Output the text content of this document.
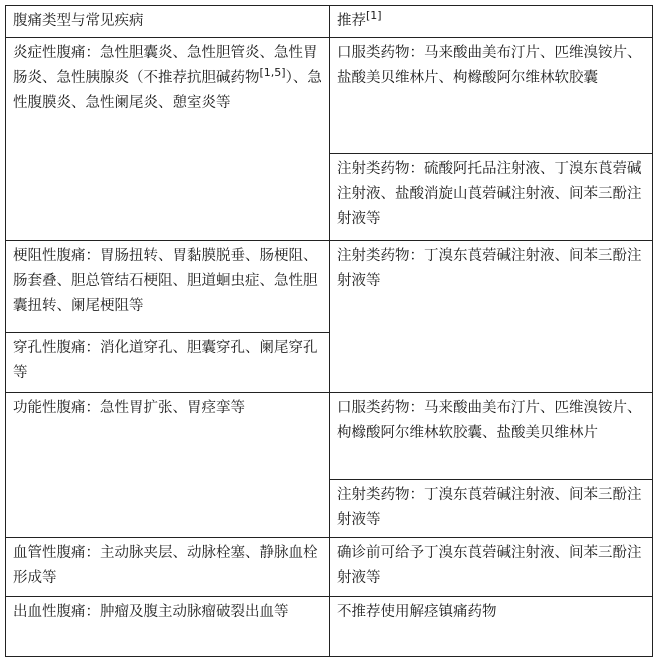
腹痛类型与常见疾病	推荐[1]
炎症性腹痛：急性胆囊炎、急性胆管炎、急性胃肠炎、急性胰腺炎（不推荐抗胆碱药物[1,5]）、急性腹膜炎、急性阑尾炎、憩室炎等	口服类药物：马来酸曲美布汀片、匹维溴铵片、盐酸美贝维林片、枸橼酸阿尔维林软胶囊
	注射类药物：硫酸阿托品注射液、丁溴东莨菪碱注射液、盐酸消旋山莨菪碱注射液、间苯三酚注射液等
梗阻性腹痛：胃肠扭转、胃黏膜脱垂、肠梗阻、肠套叠、胆总管结石梗阻、胆道蛔虫症、急性胆囊扭转、阑尾梗阻等	注射类药物：丁溴东莨菪碱注射液、间苯三酚注射液等
穿孔性腹痛：消化道穿孔、胆囊穿孔、阑尾穿孔等	
功能性腹痛：急性胃扩张、胃痉挛等	口服类药物：马来酸曲美布汀片、匹维溴铵片、枸橼酸阿尔维林软胶囊、盐酸美贝维林片
	注射类药物：丁溴东莨菪碱注射液、间苯三酚注射液等
血管性腹痛：主动脉夹层、动脉栓塞、静脉血栓形成等	确诊前可给予丁溴东莨菪碱注射液、间苯三酚注射液等
出血性腹痛：肿瘤及腹主动脉瘤破裂出血等	不推荐使用解痉镇痛药物
